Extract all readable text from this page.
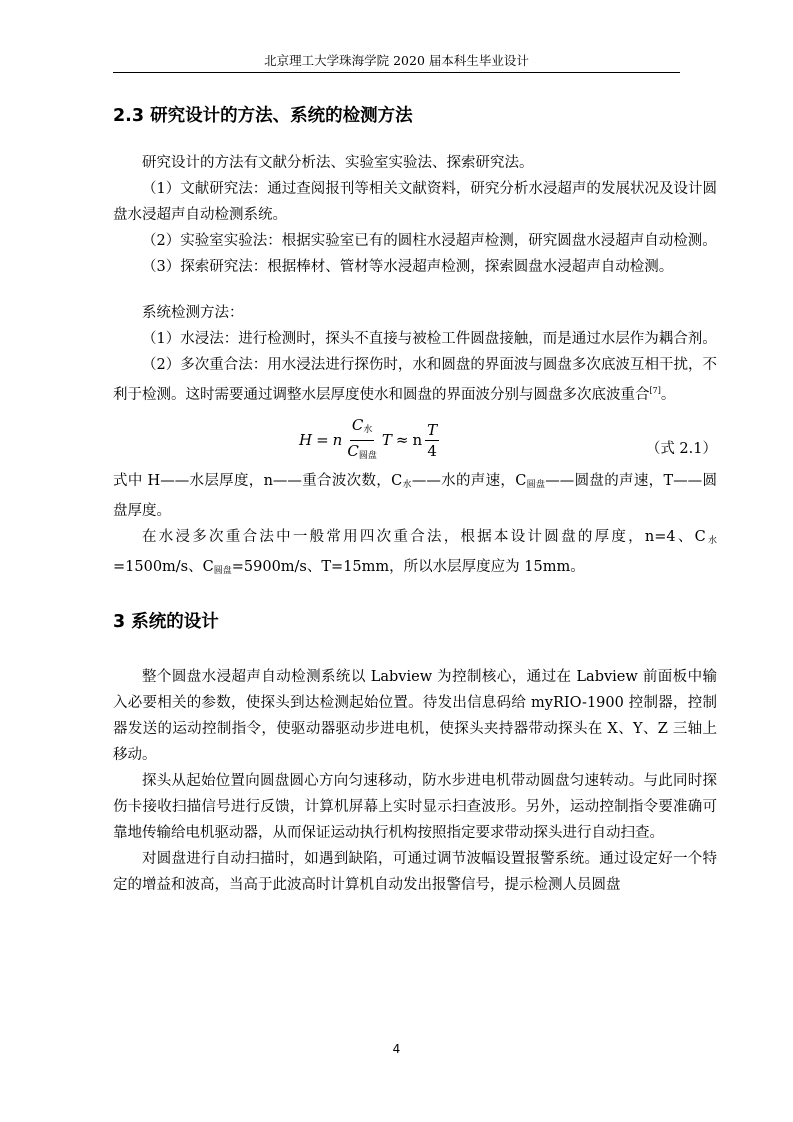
北京理工大学珠海学院 2020 届本科生毕业设计
2.3 研究设计的方法、系统的检测方法

研究设计的方法有文献分析法、实验室实验法、探索研究法。

（1）文献研究法：通过查阅报刊等相关文献资料，研究分析水浸超声的发展状况及设计圆盘水浸超声自动检测系统。

（2）实验室实验法：根据实验室已有的圆柱水浸超声检测，研究圆盘水浸超声自动检测。

（3）探索研究法：根据棒材、管材等水浸超声检测，探索圆盘水浸超声自动检测。

系统检测方法：

（1）水浸法：进行检测时，探头不直接与被检工件圆盘接触，而是通过水层作为耦合剂。

（2）多次重合法：用水浸法进行探伤时，水和圆盘的界面波与圆盘多次底波互相干扰，不利于检测。这时需要通过调整水层厚度使水和圆盘的界面波分别与圆盘多次底波重合[7]。

H = n $\frac{C_水}{C_{圆盘}}$ T ≈ n $\frac{T}{4}$	（式 2.1）

式中 H——水层厚度，n——重合波次数，$C_水——$水的声速，$C_{圆盘}——$圆盘的声速，T——圆盘厚度。

在水浸多次重合法中一般常用四次重合法，根据本设计圆盘的厚度，n=4、$C_水=1500m/s$、$C_{圆盘}=5900m/s$、T=15mm，所以水层厚度应为 15mm。

3 系统的设计

整个圆盘水浸超声自动检测系统以 Labview 为控制核心，通过在 Labview 前面板中输入必要相关的参数，使探头到达检测起始位置。待发出信息码给 myRIO-1900 控制器，控制器发送的运动控制指令，使驱动器驱动步进电机，使探头夹持器带动探头在 X、Y、Z 三轴上移动。

探头从起始位置向圆盘圆心方向匀速移动，防水步进电机带动圆盘匀速转动。与此同时探伤卡接收扫描信号进行反馈，计算机屏幕上实时显示扫查波形。另外，运动控制指令要准确可靠地传输给电机驱动器，从而保证运动执行机构按照指定要求带动探头进行自动扫查。

对圆盘进行自动扫描时，如遇到缺陷，可通过调节波幅设置报警系统。通过设定好一个特定的增益和波高，当高于此波高时计算机自动发出报警信号，提示检测人员圆盘

4
